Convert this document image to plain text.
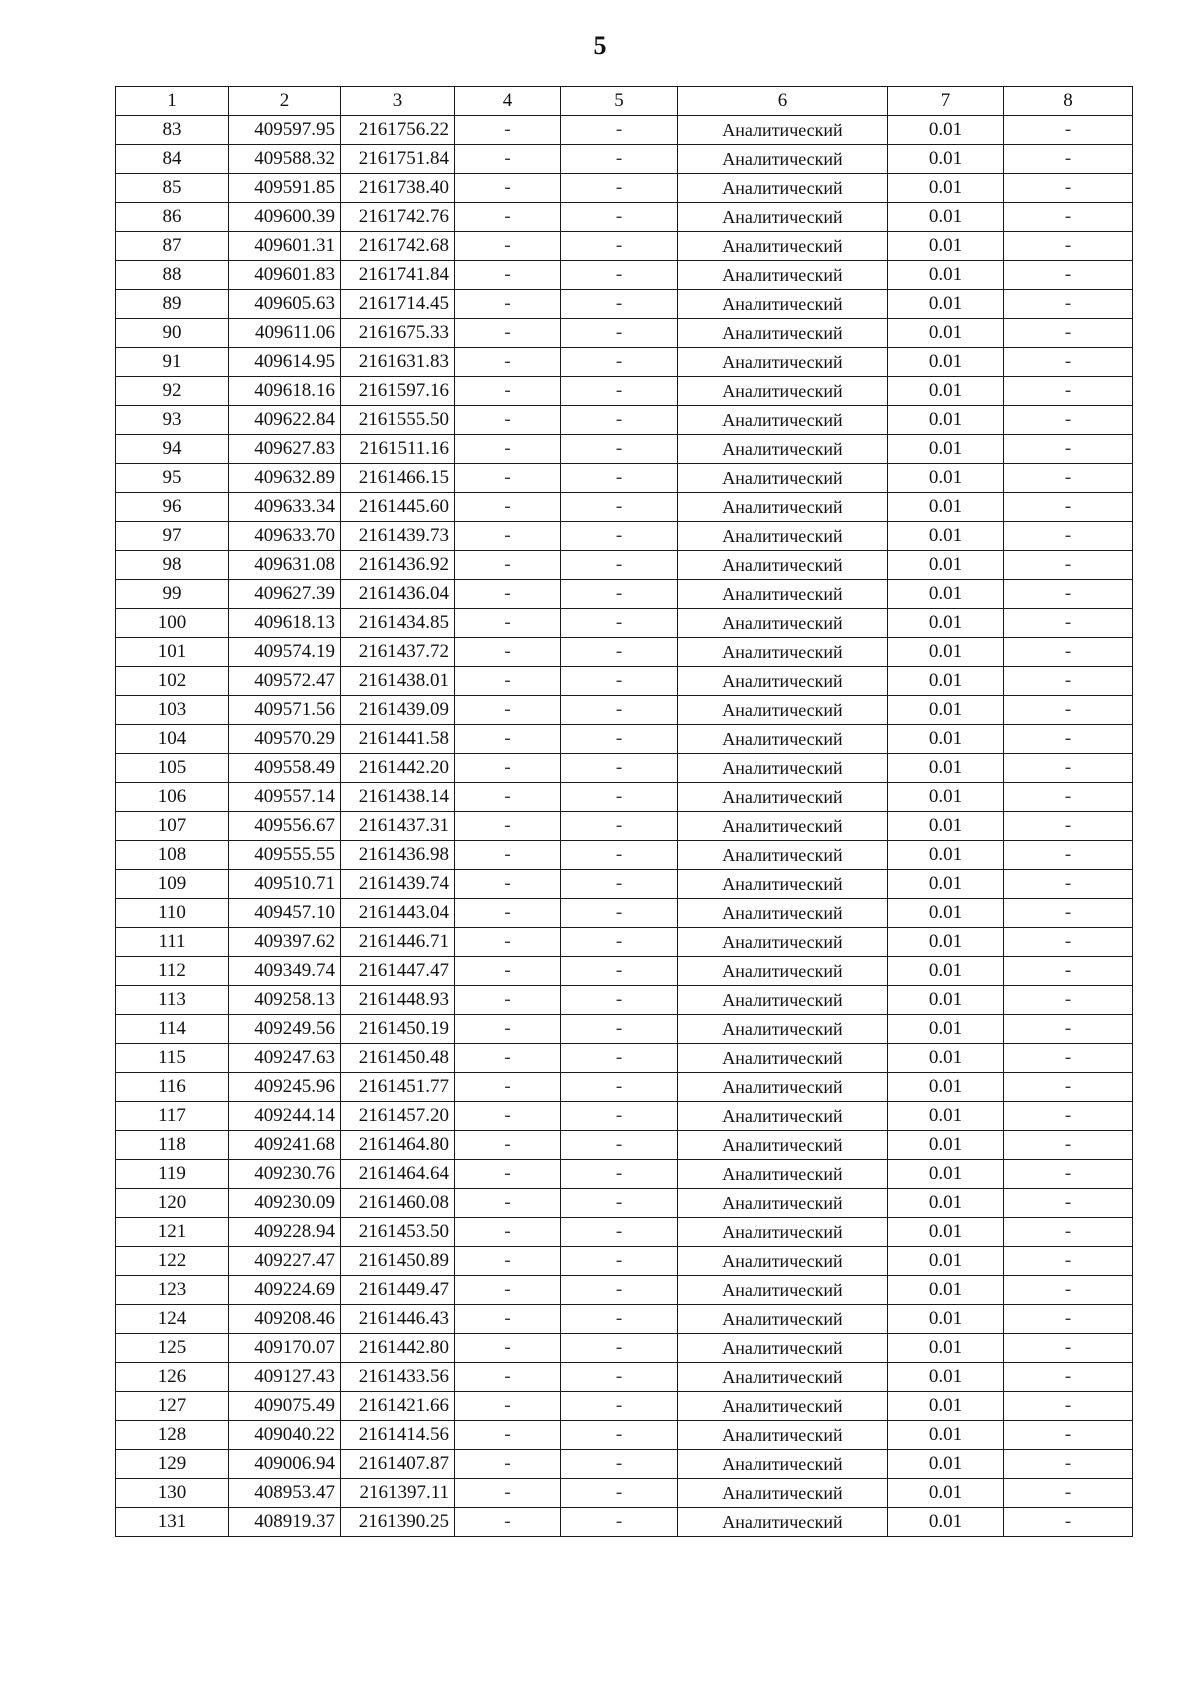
5
1	2	3	4	5	6	7	8
83	409597.95	2161756.22	-	-	Аналитический	0.01	-
84	409588.32	2161751.84	-	-	Аналитический	0.01	-
85	409591.85	2161738.40	-	-	Аналитический	0.01	-
86	409600.39	2161742.76	-	-	Аналитический	0.01	-
87	409601.31	2161742.68	-	-	Аналитический	0.01	-
88	409601.83	2161741.84	-	-	Аналитический	0.01	-
89	409605.63	2161714.45	-	-	Аналитический	0.01	-
90	409611.06	2161675.33	-	-	Аналитический	0.01	-
91	409614.95	2161631.83	-	-	Аналитический	0.01	-
92	409618.16	2161597.16	-	-	Аналитический	0.01	-
93	409622.84	2161555.50	-	-	Аналитический	0.01	-
94	409627.83	2161511.16	-	-	Аналитический	0.01	-
95	409632.89	2161466.15	-	-	Аналитический	0.01	-
96	409633.34	2161445.60	-	-	Аналитический	0.01	-
97	409633.70	2161439.73	-	-	Аналитический	0.01	-
98	409631.08	2161436.92	-	-	Аналитический	0.01	-
99	409627.39	2161436.04	-	-	Аналитический	0.01	-
100	409618.13	2161434.85	-	-	Аналитический	0.01	-
101	409574.19	2161437.72	-	-	Аналитический	0.01	-
102	409572.47	2161438.01	-	-	Аналитический	0.01	-
103	409571.56	2161439.09	-	-	Аналитический	0.01	-
104	409570.29	2161441.58	-	-	Аналитический	0.01	-
105	409558.49	2161442.20	-	-	Аналитический	0.01	-
106	409557.14	2161438.14	-	-	Аналитический	0.01	-
107	409556.67	2161437.31	-	-	Аналитический	0.01	-
108	409555.55	2161436.98	-	-	Аналитический	0.01	-
109	409510.71	2161439.74	-	-	Аналитический	0.01	-
110	409457.10	2161443.04	-	-	Аналитический	0.01	-
111	409397.62	2161446.71	-	-	Аналитический	0.01	-
112	409349.74	2161447.47	-	-	Аналитический	0.01	-
113	409258.13	2161448.93	-	-	Аналитический	0.01	-
114	409249.56	2161450.19	-	-	Аналитический	0.01	-
115	409247.63	2161450.48	-	-	Аналитический	0.01	-
116	409245.96	2161451.77	-	-	Аналитический	0.01	-
117	409244.14	2161457.20	-	-	Аналитический	0.01	-
118	409241.68	2161464.80	-	-	Аналитический	0.01	-
119	409230.76	2161464.64	-	-	Аналитический	0.01	-
120	409230.09	2161460.08	-	-	Аналитический	0.01	-
121	409228.94	2161453.50	-	-	Аналитический	0.01	-
122	409227.47	2161450.89	-	-	Аналитический	0.01	-
123	409224.69	2161449.47	-	-	Аналитический	0.01	-
124	409208.46	2161446.43	-	-	Аналитический	0.01	-
125	409170.07	2161442.80	-	-	Аналитический	0.01	-
126	409127.43	2161433.56	-	-	Аналитический	0.01	-
127	409075.49	2161421.66	-	-	Аналитический	0.01	-
128	409040.22	2161414.56	-	-	Аналитический	0.01	-
129	409006.94	2161407.87	-	-	Аналитический	0.01	-
130	408953.47	2161397.11	-	-	Аналитический	0.01	-
131	408919.37	2161390.25	-	-	Аналитический	0.01	-
